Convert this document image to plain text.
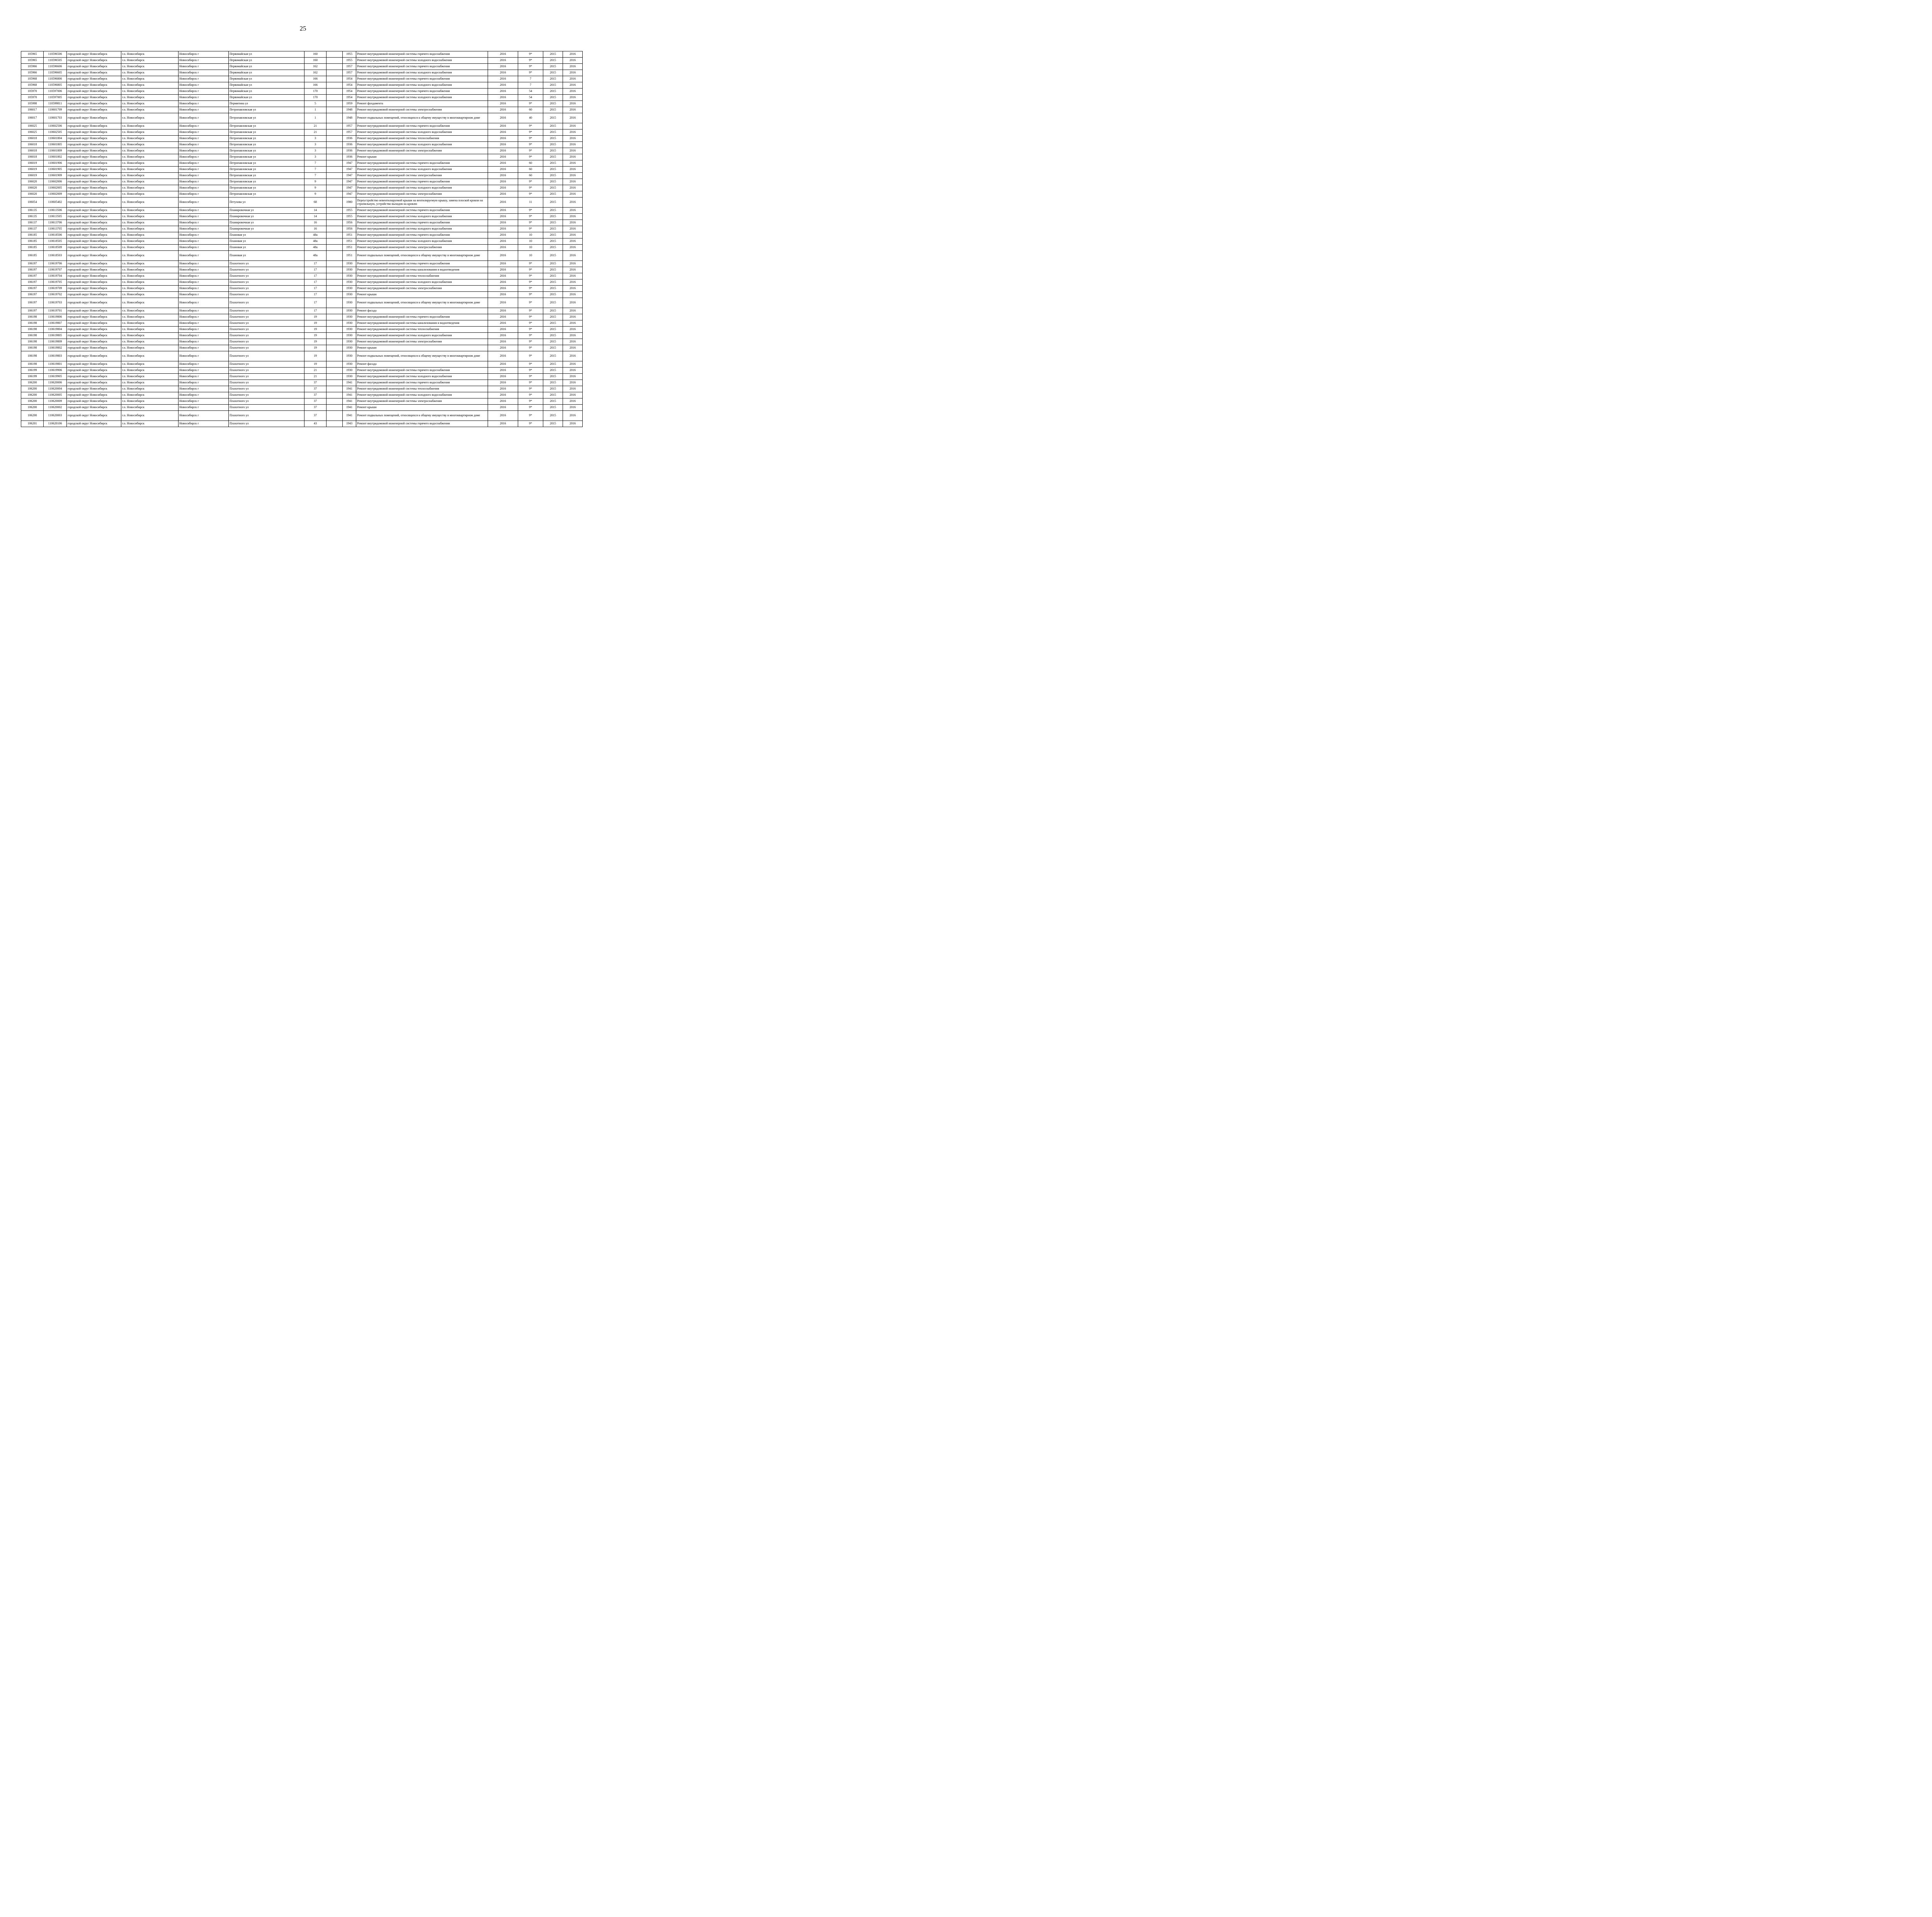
25
105965	110596506	городской округ Новосибирск	г.о. Новосибирск	Новосибирск г	Первомайская ул	160		1955	Ремонт внутридомовой инженерной системы горячего водоснабжения	2016	9*	2015	2016
105965	110596505	городской округ Новосибирск	г.о. Новосибирск	Новосибирск г	Первомайская ул	160		1955	Ремонт внутридомовой инженерной системы холодного водоснабжения	2016	9*	2015	2016
105966	110596606	городской округ Новосибирск	г.о. Новосибирск	Новосибирск г	Первомайская ул	162		1957	Ремонт внутридомовой инженерной системы горячего водоснабжения	2016	9*	2015	2016
105966	110596605	городской округ Новосибирск	г.о. Новосибирск	Новосибирск г	Первомайская ул	162		1957	Ремонт внутридомовой инженерной системы холодного водоснабжения	2016	9*	2015	2016
105968	110596806	городской округ Новосибирск	г.о. Новосибирск	Новосибирск г	Первомайская ул	166		1954	Ремонт внутридомовой инженерной системы горячего водоснабжения	2016	7	2015	2016
105968	110596805	городской округ Новосибирск	г.о. Новосибирск	Новосибирск г	Первомайская ул	166		1954	Ремонт внутридомовой инженерной системы холодного водоснабжения	2016	7	2015	2016
105970	110597006	городской округ Новосибирск	г.о. Новосибирск	Новосибирск г	Первомайская ул	170		1954	Ремонт внутридомовой инженерной системы горячего водоснабжения	2016	54	2015	2016
105970	110597005	городской округ Новосибирск	г.о. Новосибирск	Новосибирск г	Первомайская ул	170		1954	Ремонт внутридомовой инженерной системы холодного водоснабжения	2016	54	2015	2016
105998	110599811	городской округ Новосибирск	г.о. Новосибирск	Новосибирск г	Пермитина ул	5		1959	Ремонт фундамента	2016	9*	2015	2016
106017	110601709	городской округ Новосибирск	г.о. Новосибирск	Новосибирск г	Петропавловская ул	1		1948	Ремонт внутридомовой инженерной системы электроснабжения	2016	60	2015	2016
106017	110601703	городской округ Новосибирск	г.о. Новосибирск	Новосибирск г	Петропавловская ул	1		1948	Ремонт подвальных помещений, относящихся к общему имуществу в многоквартирном доме	2016	40	2015	2016
106025	110602506	городской округ Новосибирск	г.о. Новосибирск	Новосибирск г	Петропавловская ул	21		1957	Ремонт внутридомовой инженерной системы горячего водоснабжения	2016	9*	2015	2016
106025	110602505	городской округ Новосибирск	г.о. Новосибирск	Новосибирск г	Петропавловская ул	21		1957	Ремонт внутридомовой инженерной системы холодного водоснабжения	2016	9*	2015	2016
106018	110601804	городской округ Новосибирск	г.о. Новосибирск	Новосибирск г	Петропавловская ул	3		1936	Ремонт внутридомовой инженерной системы теплоснабжения	2016	9*	2015	2016
106018	110601805	городской округ Новосибирск	г.о. Новосибирск	Новосибирск г	Петропавловская ул	3		1936	Ремонт внутридомовой инженерной системы холодного водоснабжения	2016	9*	2015	2016
106018	110601809	городской округ Новосибирск	г.о. Новосибирск	Новосибирск г	Петропавловская ул	3		1936	Ремонт внутридомовой инженерной системы электроснабжения	2016	9*	2015	2016
106018	110601802	городской округ Новосибирск	г.о. Новосибирск	Новосибирск г	Петропавловская ул	3		1936	Ремонт крыши	2016	9*	2015	2016
106019	110601906	городской округ Новосибирск	г.о. Новосибирск	Новосибирск г	Петропавловская ул	7		1947	Ремонт внутридомовой инженерной системы горячего водоснабжения	2016	60	2015	2016
106019	110601905	городской округ Новосибирск	г.о. Новосибирск	Новосибирск г	Петропавловская ул	7		1947	Ремонт внутридомовой инженерной системы холодного водоснабжения	2016	60	2015	2016
106019	110601909	городской округ Новосибирск	г.о. Новосибирск	Новосибирск г	Петропавловская ул	7		1947	Ремонт внутридомовой инженерной системы электроснабжения	2016	60	2015	2016
106020	110602006	городской округ Новосибирск	г.о. Новосибирск	Новосибирск г	Петропавловская ул	9		1947	Ремонт внутридомовой инженерной системы горячего водоснабжения	2016	9*	2015	2016
106020	110602005	городской округ Новосибирск	г.о. Новосибирск	Новосибирск г	Петропавловская ул	9		1947	Ремонт внутридомовой инженерной системы холодного водоснабжения	2016	9*	2015	2016
106020	110602009	городской округ Новосибирск	г.о. Новосибирск	Новосибирск г	Петропавловская ул	9		1947	Ремонт внутридомовой инженерной системы электроснабжения	2016	9*	2015	2016
106054	110605402	городской округ Новосибирск	г.о. Новосибирск	Новосибирск г	Петухова ул	68		1980	Переустройство невентилируемой крыши на вентилируемую крышу, замена плоской кровли на стропильную, устройство выходов на кровлю	2016	11	2015	2016
106135	110613506	городской округ Новосибирск	г.о. Новосибирск	Новосибирск г	Планировочная ул	14		1955	Ремонт внутридомовой инженерной системы горячего водоснабжения	2016	9*	2015	2016
106135	110613505	городской округ Новосибирск	г.о. Новосибирск	Новосибирск г	Планировочная ул	14		1955	Ремонт внутридомовой инженерной системы холодного водоснабжения	2016	9*	2015	2016
106137	110613706	городской округ Новосибирск	г.о. Новосибирск	Новосибирск г	Планировочная ул	16		1956	Ремонт внутридомовой инженерной системы горячего водоснабжения	2016	9*	2015	2016
106137	110613705	городской округ Новосибирск	г.о. Новосибирск	Новосибирск г	Планировочная ул	16		1956	Ремонт внутридомовой инженерной системы холодного водоснабжения	2016	9*	2015	2016
106185	110618506	городской округ Новосибирск	г.о. Новосибирск	Новосибирск г	Плановая ул	48а		1951	Ремонт внутридомовой инженерной системы горячего водоснабжения	2016	10	2015	2016
106185	110618505	городской округ Новосибирск	г.о. Новосибирск	Новосибирск г	Плановая ул	48а		1951	Ремонт внутридомовой инженерной системы холодного водоснабжения	2016	10	2015	2016
106185	110618509	городской округ Новосибирск	г.о. Новосибирск	Новосибирск г	Плановая ул	48а		1951	Ремонт внутридомовой инженерной системы электроснабжения	2016	10	2015	2016
106185	110618503	городской округ Новосибирск	г.о. Новосибирск	Новосибирск г	Плановая ул	48а		1951	Ремонт подвальных помещений, относящихся к общему имуществу в многоквартирном доме	2016	10	2015	2016
106197	110619706	городской округ Новосибирск	г.о. Новосибирск	Новосибирск г	Плахотного ул	17		1930	Ремонт внутридомовой инженерной системы горячего водоснабжения	2016	9*	2015	2016
106197	110619707	городской округ Новосибирск	г.о. Новосибирск	Новосибирск г	Плахотного ул	17		1930	Ремонт внутридомовой инженерной системы канализования и водоотведения	2016	9*	2015	2016
106197	110619704	городской округ Новосибирск	г.о. Новосибирск	Новосибирск г	Плахотного ул	17		1930	Ремонт внутридомовой инженерной системы теплоснабжения	2016	9*	2015	2016
106197	110619705	городской округ Новосибирск	г.о. Новосибирск	Новосибирск г	Плахотного ул	17		1930	Ремонт внутридомовой инженерной системы холодного водоснабжения	2016	9*	2015	2016
106197	110619709	городской округ Новосибирск	г.о. Новосибирск	Новосибирск г	Плахотного ул	17		1930	Ремонт внутридомовой инженерной системы электроснабжения	2016	9*	2015	2016
106197	110619702	городской округ Новосибирск	г.о. Новосибирск	Новосибирск г	Плахотного ул	17		1930	Ремонт крыши	2016	9*	2015	2016
106197	110619703	городской округ Новосибирск	г.о. Новосибирск	Новосибирск г	Плахотного ул	17		1930	Ремонт подвальных помещений, относящихся к общему имуществу в многоквартирном доме	2016	9*	2015	2016
106197	110619701	городской округ Новосибирск	г.о. Новосибирск	Новосибирск г	Плахотного ул	17		1930	Ремонт фасада	2016	9*	2015	2016
106198	110619806	городской округ Новосибирск	г.о. Новосибирск	Новосибирск г	Плахотного ул	19		1930	Ремонт внутридомовой инженерной системы горячего водоснабжения	2016	9*	2015	2016
106198	110619807	городской округ Новосибирск	г.о. Новосибирск	Новосибирск г	Плахотного ул	19		1930	Ремонт внутридомовой инженерной системы канализования и водоотведения	2016	9*	2015	2016
106198	110619804	городской округ Новосибирск	г.о. Новосибирск	Новосибирск г	Плахотного ул	19		1930	Ремонт внутридомовой инженерной системы теплоснабжения	2016	9*	2015	2016
106198	110619805	городской округ Новосибирск	г.о. Новосибирск	Новосибирск г	Плахотного ул	19		1930	Ремонт внутридомовой инженерной системы холодного водоснабжения	2016	9*	2015	2016
106198	110619809	городской округ Новосибирск	г.о. Новосибирск	Новосибирск г	Плахотного ул	19		1930	Ремонт внутридомовой инженерной системы электроснабжения	2016	9*	2015	2016
106198	110619802	городской округ Новосибирск	г.о. Новосибирск	Новосибирск г	Плахотного ул	19		1930	Ремонт крыши	2016	9*	2015	2016
106198	110619803	городской округ Новосибирск	г.о. Новосибирск	Новосибирск г	Плахотного ул	19		1930	Ремонт подвальных помещений, относящихся к общему имуществу в многоквартирном доме	2016	9*	2015	2016
106198	110619801	городской округ Новосибирск	г.о. Новосибирск	Новосибирск г	Плахотного ул	19		1930	Ремонт фасада	2016	9*	2015	2016
106199	110619906	городской округ Новосибирск	г.о. Новосибирск	Новосибирск г	Плахотного ул	21		1930	Ремонт внутридомовой инженерной системы горячего водоснабжения	2016	9*	2015	2016
106199	110619905	городской округ Новосибирск	г.о. Новосибирск	Новосибирск г	Плахотного ул	21		1930	Ремонт внутридомовой инженерной системы холодного водоснабжения	2016	9*	2015	2016
106200	110620006	городской округ Новосибирск	г.о. Новосибирск	Новосибирск г	Плахотного ул	37		1941	Ремонт внутридомовой инженерной системы горячего водоснабжения	2016	9*	2015	2016
106200	110620004	городской округ Новосибирск	г.о. Новосибирск	Новосибирск г	Плахотного ул	37		1941	Ремонт внутридомовой инженерной системы теплоснабжения	2016	9*	2015	2016
106200	110620005	городской округ Новосибирск	г.о. Новосибирск	Новосибирск г	Плахотного ул	37		1941	Ремонт внутридомовой инженерной системы холодного водоснабжения	2016	9*	2015	2016
106200	110620009	городской округ Новосибирск	г.о. Новосибирск	Новосибирск г	Плахотного ул	37		1941	Ремонт внутридомовой инженерной системы электроснабжения	2016	9*	2015	2016
106200	110620002	городской округ Новосибирск	г.о. Новосибирск	Новосибирск г	Плахотного ул	37		1941	Ремонт крыши	2016	9*	2015	2016
106200	110620003	городской округ Новосибирск	г.о. Новосибирск	Новосибирск г	Плахотного ул	37		1941	Ремонт подвальных помещений, относящихся к общему имуществу в многоквартирном доме	2016	9*	2015	2016
106201	110620106	городской округ Новосибирск	г.о. Новосибирск	Новосибирск г	Плахотного ул	43		1943	Ремонт внутридомовой инженерной системы горячего водоснабжения	2016	9*	2015	2016
